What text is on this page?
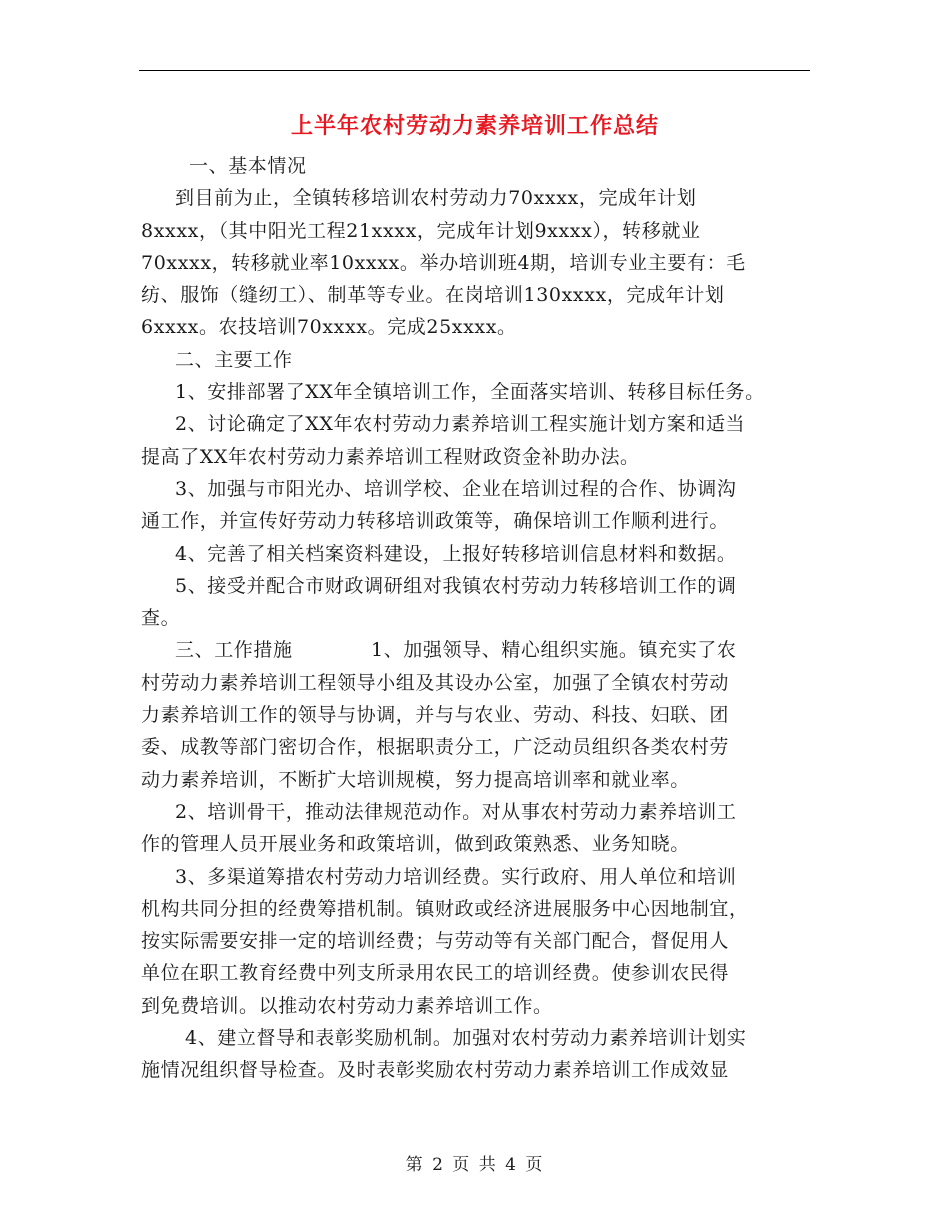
上半年农村劳动力素养培训工作总结
一、基本情况
到目前为止，全镇转移培训农村劳动力70xxxx，完成年计划
8xxxx，（其中阳光工程21xxxx，完成年计划9xxxx），转移就业
70xxxx，转移就业率10xxxx。举办培训班4期，培训专业主要有：毛
纺、服饰（缝纫工）、制革等专业。在岗培训130xxxx，完成年计划
6xxxx。农技培训70xxxx。完成25xxxx。
二、主要工作
1、安排部署了XX年全镇培训工作，全面落实培训、转移目标任务。
2、讨论确定了XX年农村劳动力素养培训工程实施计划方案和适当
提高了XX年农村劳动力素养培训工程财政资金补助办法。
3、加强与市阳光办、培训学校、企业在培训过程的合作、协调沟
通工作，并宣传好劳动力转移培训政策等，确保培训工作顺利进行。
4、完善了相关档案资料建设，上报好转移培训信息材料和数据。
5、接受并配合市财政调研组对我镇农村劳动力转移培训工作的调
查。
三、工作措施　　　　1、加强领导、精心组织实施。镇充实了农
村劳动力素养培训工程领导小组及其设办公室，加强了全镇农村劳动
力素养培训工作的领导与协调，并与与农业、劳动、科技、妇联、团
委、成教等部门密切合作，根据职责分工，广泛动员组织各类农村劳
动力素养培训，不断扩大培训规模，努力提高培训率和就业率。
2、培训骨干，推动法律规范动作。对从事农村劳动力素养培训工
作的管理人员开展业务和政策培训，做到政策熟悉、业务知晓。
3、多渠道筹措农村劳动力培训经费。实行政府、用人单位和培训
机构共同分担的经费筹措机制。镇财政或经济进展服务中心因地制宜，
按实际需要安排一定的培训经费；与劳动等有关部门配合，督促用人
单位在职工教育经费中列支所录用农民工的培训经费。使参训农民得
到免费培训。以推动农村劳动力素养培训工作。
4、建立督导和表彰奖励机制。加强对农村劳动力素养培训计划实
施情况组织督导检查。及时表彰奖励农村劳动力素养培训工作成效显
第 2 页 共 4 页
